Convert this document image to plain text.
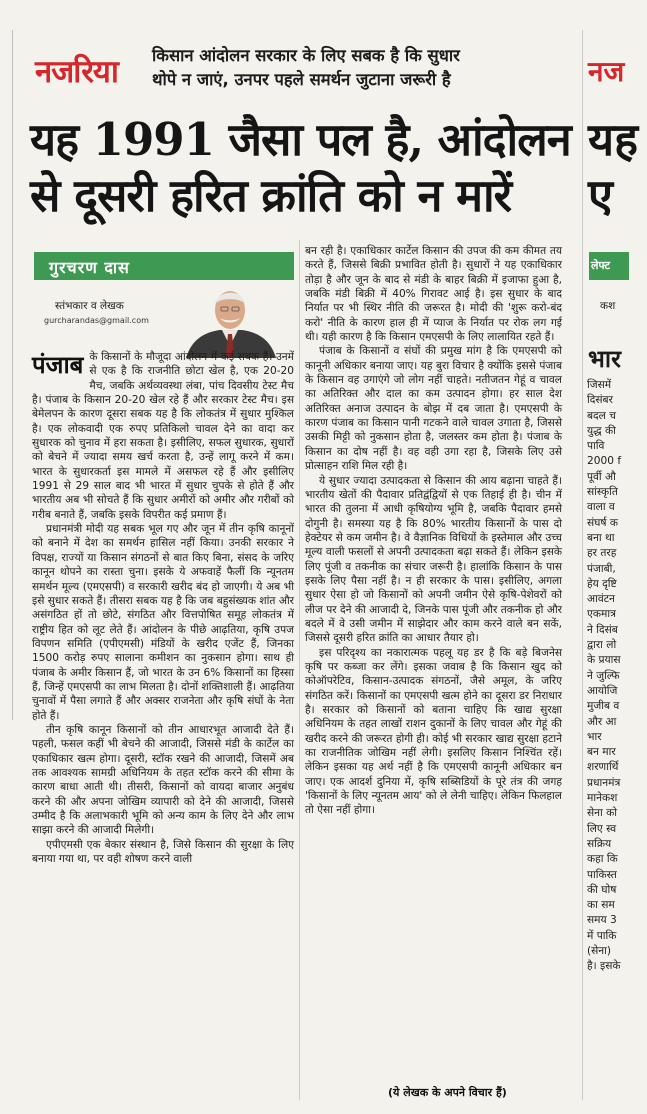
नजरिया किसान आंदोलन सरकार के लिए सबक है कि सुधार
थोपे न जाएं, उनपर पहले समर्थन जुटाना जरूरी है
यह 1991 जैसा पल है, आंदोलन
से दूसरी हरित क्रांति को न मारें
गुरचरण दास
स्तंभकार व लेखक
gurcharandas@gmail.com

पंजाब के किसानों के मौजूदा आंदोलन में कई सबक हैं। उनमें से एक है कि राजनीति छोटा खेल है, एक 20-20 मैच, जबकि अर्थव्यवस्था लंबा, पांच दिवसीय टेस्ट मैच है। पंजाब के किसान 20-20 खेल रहे हैं और सरकार टेस्ट मैच। इस बेमेलपन के कारण दूसरा सबक यह है कि लोकतंत्र में सुधार मुश्किल है। एक लोकवादी एक रुपए प्रतिकिलो चावल देने का वादा कर सुधारक को चुनाव में हरा सकता है। इसीलिए, सफल सुधारक, सुधारों को बेचने में ज्यादा समय खर्च करता है, उन्हें लागू करने में कम। भारत के सुधारकर्ता इस मामले में असफल रहे हैं और इसीलिए 1991 से 29 साल बाद भी भारत में सुधार चुपके से होते हैं और भारतीय अब भी सोचते हैं कि सुधार अमीरों को अमीर और गरीबों को गरीब बनाते हैं, जबकि इसके विपरीत कई प्रमाण हैं।

प्रधानमंत्री मोदी यह सबक भूल गए और जून में तीन कृषि कानूनों को बनाने में देश का समर्थन हासिल नहीं किया। उनकी सरकार ने विपक्ष, राज्यों या किसान संगठनों से बात किए बिना, संसद के जरिए कानून थोपने का रास्ता चुना। इसके ये अफवाहें फैलीं कि न्यूनतम समर्थन मूल्य (एमएसपी) व सरकारी खरीद बंद हो जाएगी। ये अब भी इसे सुधार सकते हैं। तीसरा सबक यह है कि जब बहुसंख्यक शांत और असंगठित हों तो छोटे, संगठित और वित्तपोषित समूह लोकतंत्र में राष्ट्रीय हित को लूट लेते हैं। आंदोलन के पीछे आढ़तिया, कृषि उपज विपणन समिति (एपीएमसी) मंडियों के खरीद एजेंट हैं, जिनका 1500 करोड़ रुपए सालाना कमीशन का नुकसान होगा। साथ ही पंजाब के अमीर किसान हैं, जो भारत के उन 6% किसानों का हिस्सा हैं, जिन्हें एमएसपी का लाभ मिलता है। दोनों शक्तिशाली हैं। आढ़तिया चुनावों में पैसा लगाते हैं और अक्सर राजनेता और कृषि संघों के नेता होते हैं।

तीन कृषि कानून किसानों को तीन आधारभूत आजादी देते हैं। पहली, फसल कहीं भी बेचने की आजादी, जिससे मंडी के कार्टेल का एकाधिकार खत्म होगा। दूसरी, स्टॉक रखने की आजादी, जिसमें अब तक आवश्यक सामग्री अधिनियम के तहत स्टॉक करने की सीमा के कारण बाधा आती थी। तीसरी, किसानों को वायदा बाजार अनुबंध करने की और अपना जोखिम व्यापारी को देने की आजादी, जिससे उम्मीद है कि अलाभकारी भूमि को अन्य काम के लिए देने और लाभ साझा करने की आजादी मिलेगी।

एपीएमसी एक बेकार संस्थान है, जिसे किसान की सुरक्षा के लिए बनाया गया था, पर वही शोषण करने वाली

बन रही है। एकाधिकार कार्टेल किसान की उपज की कम कीमत तय करते हैं, जिससे बिक्री प्रभावित होती है। सुधारों ने यह एकाधिकार तोड़ा है और जून के बाद से मंडी के बाहर बिक्री में इजाफा हुआ है, जबकि मंडी बिक्री में 40% गिरावट आई है। इस सुधार के बाद निर्यात पर भी स्थिर नीति की जरूरत है। मोदी की 'शुरू करो-बंद करो' नीति के कारण हाल ही में प्याज के निर्यात पर रोक लग गई थी। यही कारण है कि किसान एमएसपी के लिए लालायित रहते हैं।

पंजाब के किसानों व संघों की प्रमुख मांग है कि एमएसपी को कानूनी अधिकार बनाया जाए। यह बुरा विचार है क्योंकि इससे पंजाब के किसान वह उगाएंगे जो लोग नहीं चाहते। नतीजतन गेहूं व चावल का अतिरिक्त और दाल का कम उत्पादन होगा। हर साल देश अतिरिक्त अनाज उत्पादन के बोझ में दब जाता है। एमएसपी के कारण पंजाब का किसान पानी गटकने वाले चावल उगाता है, जिससे उसकी मिट्टी को नुकसान होता है, जलस्तर कम होता है। पंजाब के किसान का दोष नहीं है। वह वही उगा रहा है, जिसके लिए उसे प्रोत्साहन राशि मिल रही है।

ये सुधार ज्यादा उत्पादकता से किसान की आय बढ़ाना चाहते हैं। भारतीय खेतों की पैदावार प्रतिद्वंद्वियों से एक तिहाई ही है। चीन में भारत की तुलना में आधी कृषियोग्य भूमि है, जबकि पैदावार हमसे दोगुनी है। समस्या यह है कि 80% भारतीय किसानों के पास दो हेक्टेयर से कम जमीन है। वे वैज्ञानिक विधियों के इस्तेमाल और उच्च मूल्य वाली फसलों से अपनी उत्पादकता बढ़ा सकते हैं। लेकिन इसके लिए पूंजी व तकनीक का संचार जरूरी है। हालांकि किसान के पास इसके लिए पैसा नहीं है। न ही सरकार के पास। इसीलिए, अगला सुधार ऐसा हो जो किसानों को अपनी जमीन ऐसे कृषि-पेशेवरों को लीज पर देने की आजादी दे, जिनके पास पूंजी और तकनीक हो और बदले में वे उसी जमीन में साझेदार और काम करने वाले बन सकें, जिससे दूसरी हरित क्रांति का आधार तैयार हो।

इस परिदृश्य का नकारात्मक पहलू यह डर है कि बड़े बिजनेस कृषि पर कब्जा कर लेंगे। इसका जवाब है कि किसान खुद को कोऑपरेटिव, किसान-उत्पादक संगठनों, जैसे अमूल, के जरिए संगठित करें। किसानों का एमएसपी खत्म होने का दूसरा डर निराधार है। सरकार को किसानों को बताना चाहिए कि खाद्य सुरक्षा अधिनियम के तहत लाखों राशन दुकानों के लिए चावल और गेहूं की खरीद करने की जरूरत होगी ही। कोई भी सरकार खाद्य सुरक्षा हटाने का राजनीतिक जोखिम नहीं लेगी। इसलिए किसान निश्चिंत रहें। लेकिन इसका यह अर्थ नहीं है कि एमएसपी कानूनी अधिकार बन जाए। एक आदर्श दुनिया में, कृषि सब्सिडियों के पूरे तंत्र की जगह 'किसानों के लिए न्यूनतम आय' को ले लेनी चाहिए। लेकिन फिलहाल तो ऐसा नहीं होगा।

(ये लेखक के अपने विचार हैं)
नज
यह
ए
लेफ्ट
कश
भार
जिसमें
दिसंबर
बदल च
युद्ध की
पावि
2000 f
पूर्वी औ
सांस्कृति
वाला व
संघर्ष क
बना था
हर तरह
पंजाबी,
हेय दृष्टि
आवंटन
एकमात्र
ने दिसंब
द्वारा लो
के प्रयास
ने जुल्फि
आयोजि
मुजीब व
और आ
भार
बन मार
शरणार्थि
प्रधानमंत्र
मानेकश
सेना को
लिए स्व
सक्रिय
कहा कि
पाकिस्त
की घोष
का सम
समय 3
में पाकि
(सेना)
है। इसके
